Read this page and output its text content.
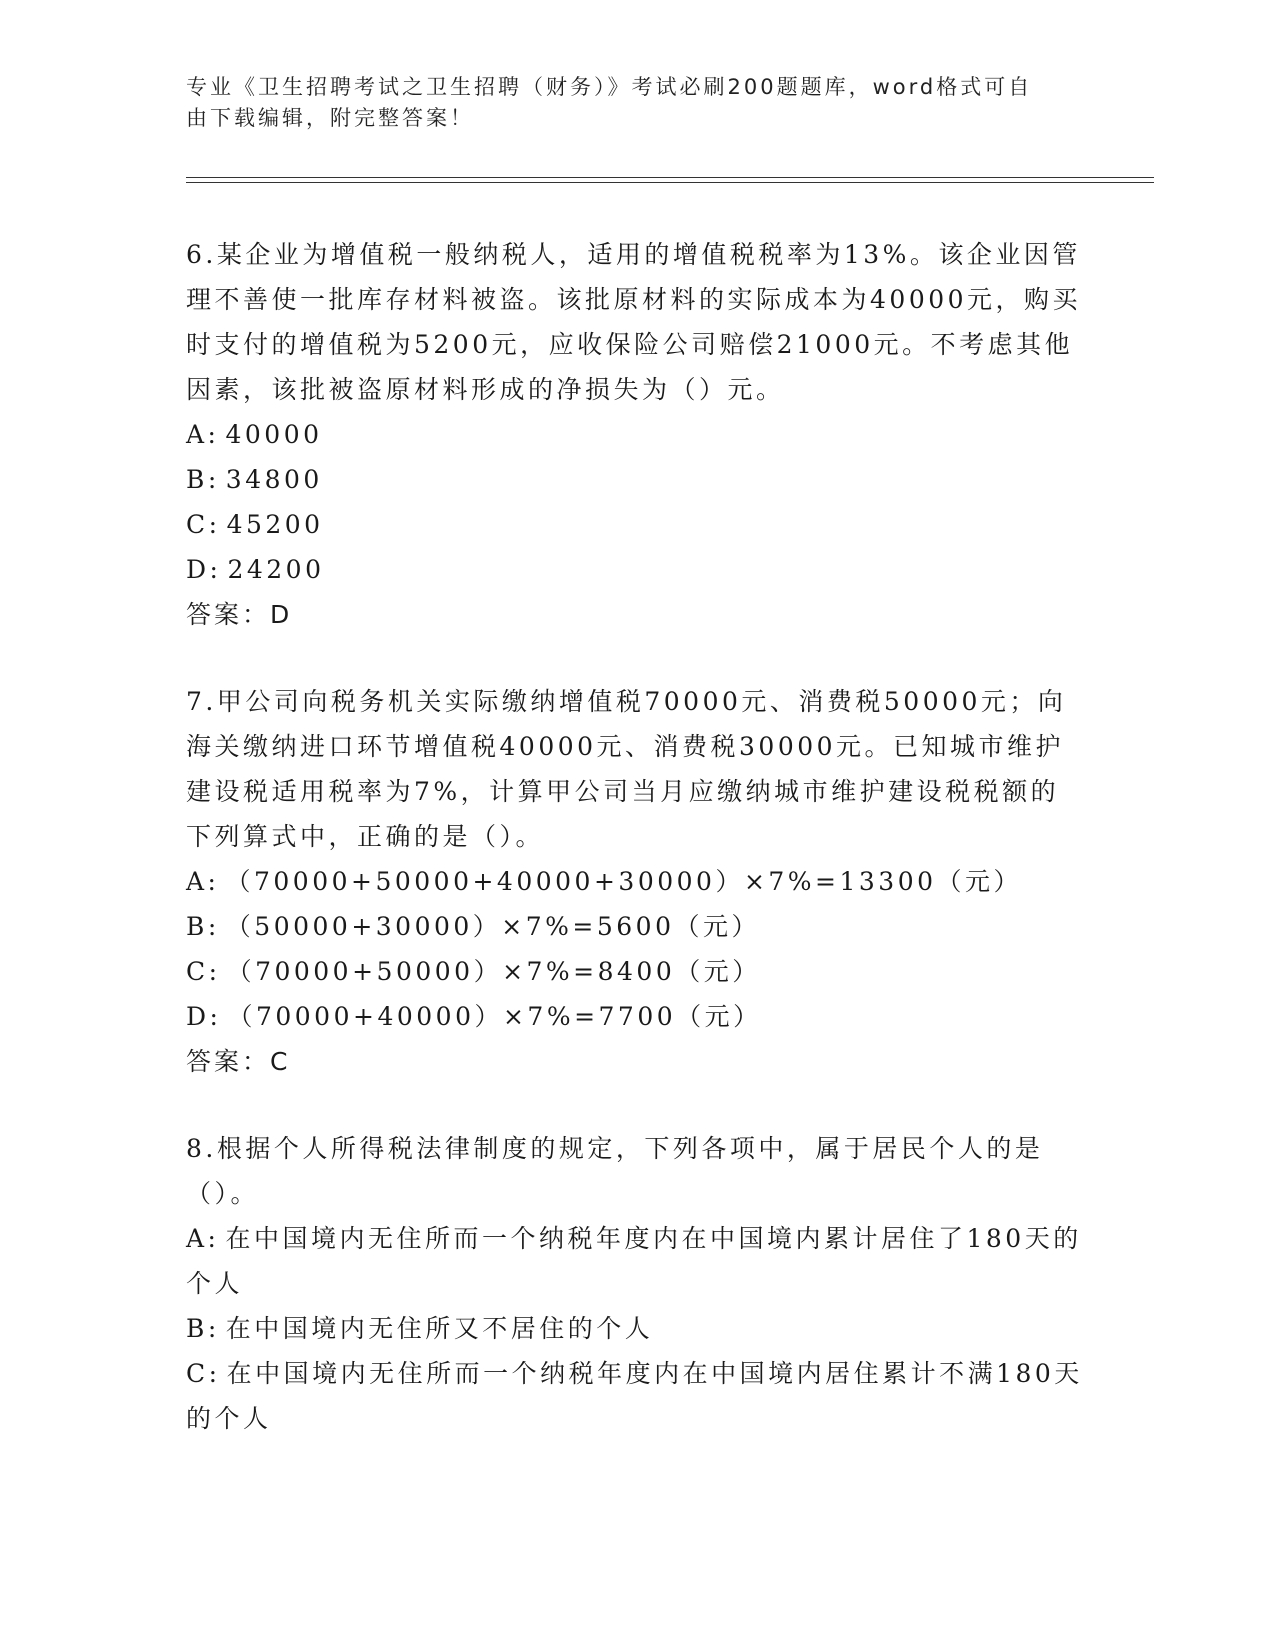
专业《卫生招聘考试之卫生招聘（财务）》考试必刷200题题库，word格式可自
由下载编辑，附完整答案！

6.某企业为增值税一般纳税人，适用的增值税税率为13%。该企业因管理不善使一批库存材料被盗。该批原材料的实际成本为40000元，购买时支付的增值税为5200元，应收保险公司赔偿21000元。不考虑其他因素，该批被盗原材料形成的净损失为（）元。

A: 40000

B: 34800

C: 45200

D: 24200

答案：D

7.甲公司向税务机关实际缴纳增值税70000元、消费税50000元；向海关缴纳进口环节增值税40000元、消费税30000元。已知城市维护建设税适用税率为7%，计算甲公司当月应缴纳城市维护建设税税额的下列算式中，正确的是（）。

A: （70000+50000+40000+30000）×7%=13300（元）

B: （50000+30000）×7%=5600（元）

C: （70000+50000）×7%=8400（元）

D: （70000+40000）×7%=7700（元）

答案：C

8.根据个人所得税法律制度的规定，下列各项中，属于居民个人的是（）。

A: 在中国境内无住所而一个纳税年度内在中国境内累计居住了180天的个人

B: 在中国境内无住所又不居住的个人

C: 在中国境内无住所而一个纳税年度内在中国境内居住累计不满180天的个人
